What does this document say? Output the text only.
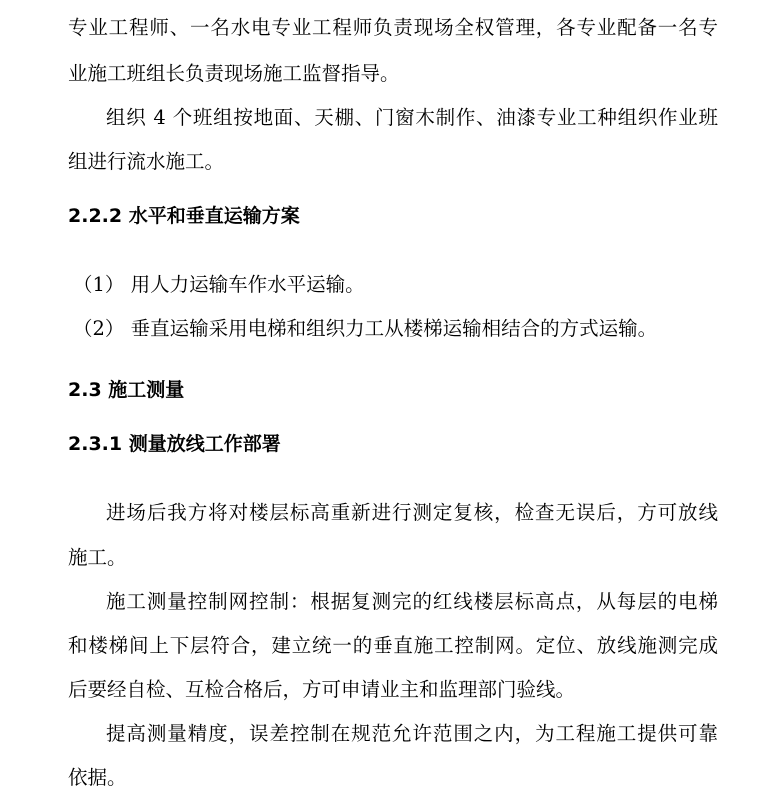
专业工程师、一名水电专业工程师负责现场全权管理，各专业配备一名专
业施工班组长负责现场施工监督指导。
组织 4 个班组按地面、天棚、门窗木制作、油漆专业工种组织作业班
组进行流水施工。
2.2.2 水平和垂直运输方案
（1） 用人力运输车作水平运输。
（2） 垂直运输采用电梯和组织力工从楼梯运输相结合的方式运输。
2.3 施工测量
2.3.1 测量放线工作部署
进场后我方将对楼层标高重新进行测定复核，检查无误后，方可放线
施工。
施工测量控制网控制：根据复测完的红线楼层标高点，从每层的电梯
和楼梯间上下层符合，建立统一的垂直施工控制网。定位、放线施测完成
后要经自检、互检合格后，方可申请业主和监理部门验线。
提高测量精度，误差控制在规范允许范围之内，为工程施工提供可靠
依据。
